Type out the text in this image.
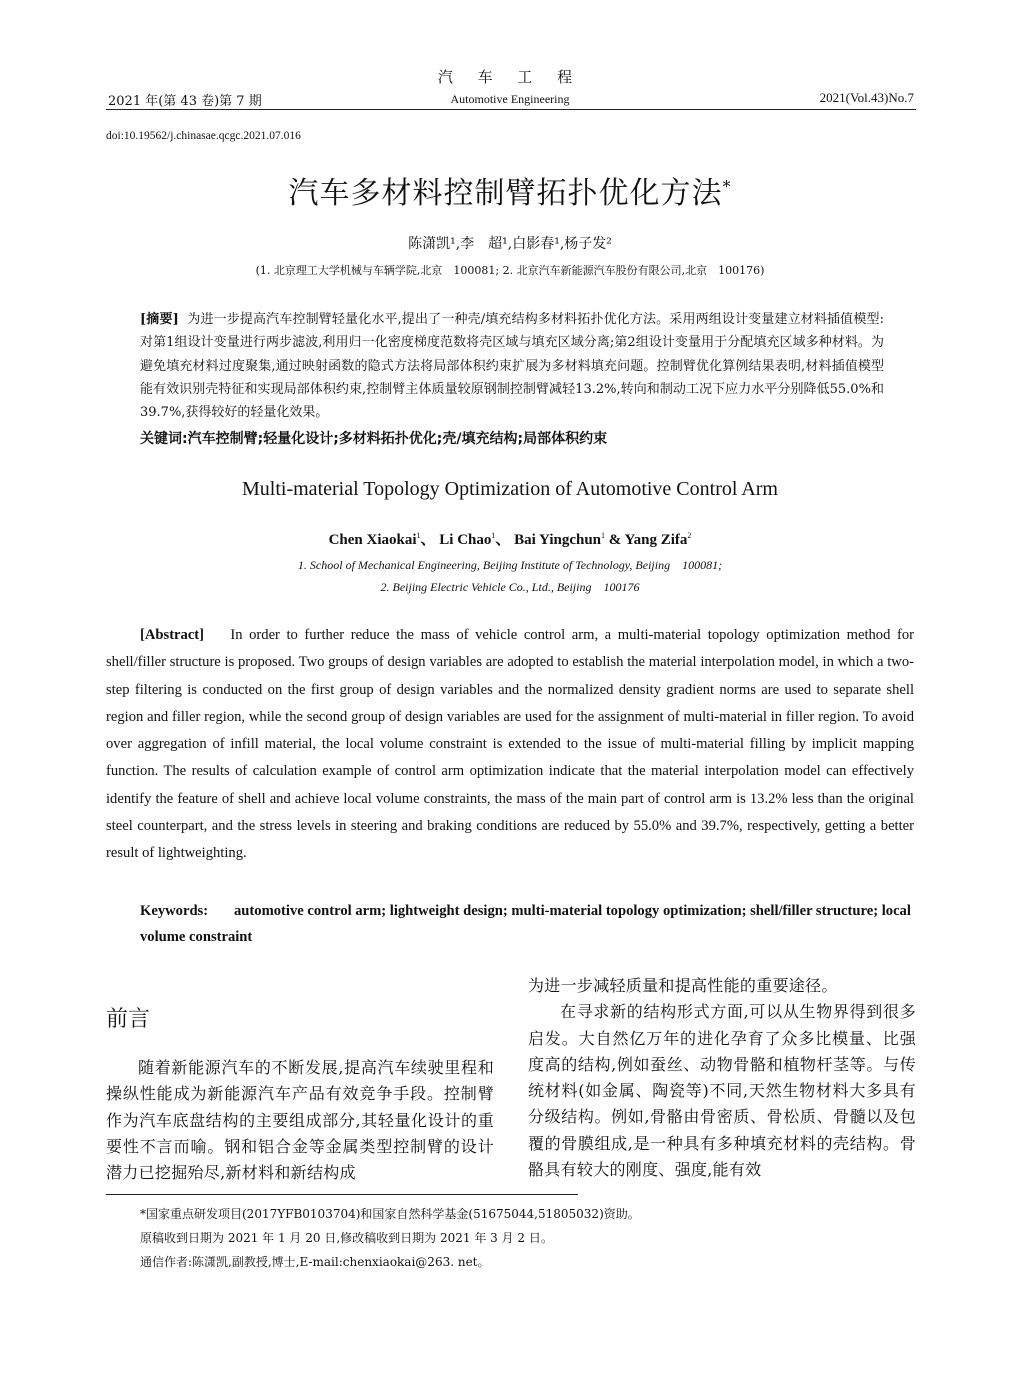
汽 车 工 程
2021 年(第 43 卷)第 7 期	Automotive Engineering	2021(Vol.43)No.7
doi:10.19562/j.chinasae.qcgc.2021.07.016
汽车多材料控制臂拓扑优化方法*
陈潇凯¹,李　超¹,白影春¹,杨子发²
(1. 北京理工大学机械与车辆学院,北京　100081; 2. 北京汽车新能源汽车股份有限公司,北京　100176)
[摘要] 为进一步提高汽车控制臂轻量化水平,提出了一种壳/填充结构多材料拓扑优化方法。采用两组设计变量建立材料插值模型:对第1组设计变量进行两步滤波,利用归一化密度梯度范数将壳区域与填充区域分离;第2组设计变量用于分配填充区域多种材料。为避免填充材料过度聚集,通过映射函数的隐式方法将局部体积约束扩展为多材料填充问题。控制臂优化算例结果表明,材料插值模型能有效识别壳特征和实现局部体积约束,控制臂主体质量较原钢制控制臂减轻13.2%,转向和制动工况下应力水平分别降低55.0%和39.7%,获得较好的轻量化效果。
关键词:汽车控制臂;轻量化设计;多材料拓扑优化;壳/填充结构;局部体积约束
Multi-material Topology Optimization of Automotive Control Arm
Chen Xiaokai$^1$、 Li Chao$^1$、 Bai Yingchun$^1$ & Yang Zifa$^2$
1. School of Mechanical Engineering, Beijing Institute of Technology, Beijing　100081;
2. Beijing Electric Vehicle Co., Ltd., Beijing　100176
[Abstract] In order to further reduce the mass of vehicle control arm, a multi-material topology optimization method for shell/filler structure is proposed. Two groups of design variables are adopted to establish the material interpolation model, in which a two-step filtering is conducted on the first group of design variables and the normalized density gradient norms are used to separate shell region and filler region, while the second group of design variables are used for the assignment of multi-material in filler region. To avoid over aggregation of infill material, the local volume constraint is extended to the issue of multi-material filling by implicit mapping function. The results of calculation example of control arm optimization indicate that the material interpolation model can effectively identify the feature of shell and achieve local volume constraints, the mass of the main part of control arm is 13.2% less than the original steel counterpart, and the stress levels in steering and braking conditions are reduced by 55.0% and 39.7%, respectively, getting a better result of lightweighting.
Keywords: automotive control arm; lightweight design; multi-material topology optimization; shell/filler structure; local volume constraint
前言

随着新能源汽车的不断发展,提高汽车续驶里程和操纵性能成为新能源汽车产品有效竞争手段。控制臂作为汽车底盘结构的主要组成部分,其轻量化设计的重要性不言而喻。钢和铝合金等金属类型控制臂的设计潜力已挖掘殆尽,新材料和新结构成

为进一步减轻质量和提高性能的重要途径。

在寻求新的结构形式方面,可以从生物界得到很多启发。大自然亿万年的进化孕育了众多比模量、比强度高的结构,例如蚕丝、动物骨骼和植物杆茎等。与传统材料(如金属、陶瓷等)不同,天然生物材料大多具有分级结构。例如,骨骼由骨密质、骨松质、骨髓以及包覆的骨膜组成,是一种具有多种填充材料的壳结构。骨骼具有较大的刚度、强度,能有效

*国家重点研发项目(2017YFB0103704)和国家自然科学基金(51675044,51805032)资助。
原稿收到日期为 2021 年 1 月 20 日,修改稿收到日期为 2021 年 3 月 2 日。
通信作者:陈潇凯,副教授,博士,E-mail:chenxiaokai@263. net。
